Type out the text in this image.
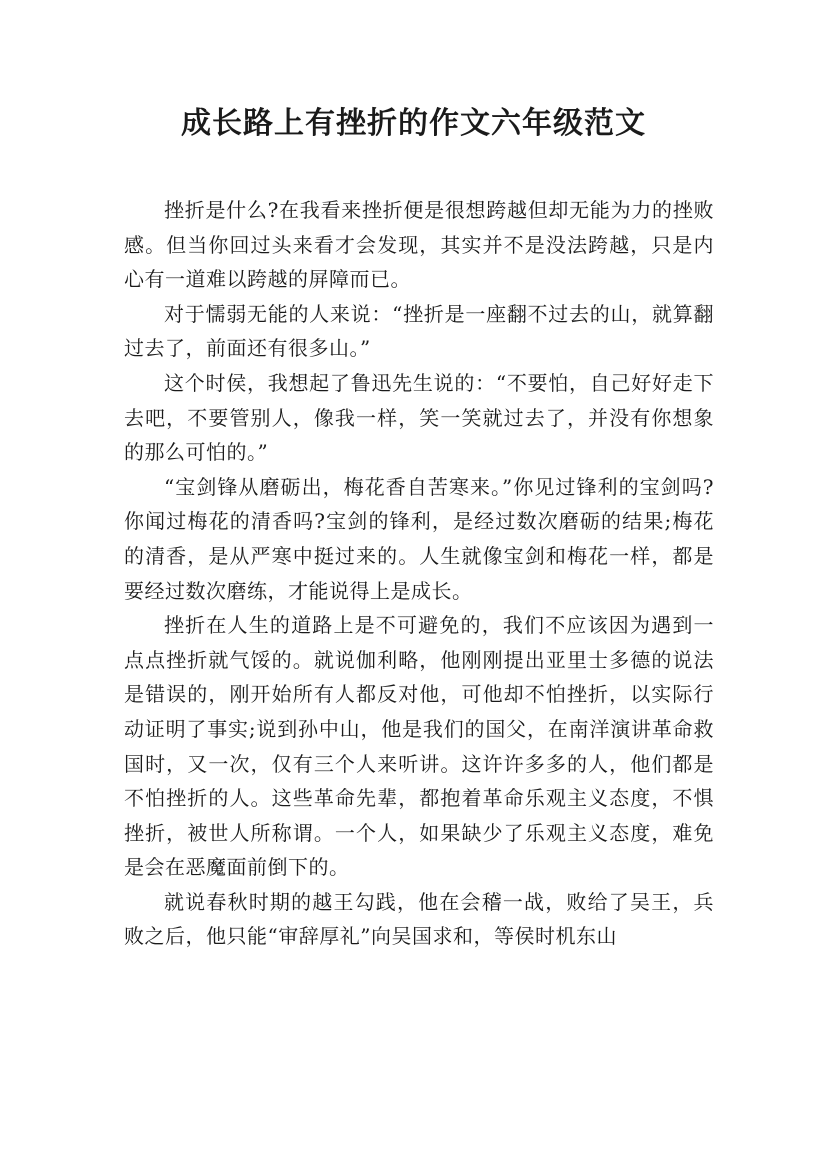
成长路上有挫折的作文六年级范文

挫折是什么?在我看来挫折便是很想跨越但却无能为力的挫败感。但当你回过头来看才会发现，其实并不是没法跨越，只是内心有一道难以跨越的屏障而已。

对于懦弱无能的人来说：“挫折是一座翻不过去的山，就算翻过去了，前面还有很多山。”

这个时侯，我想起了鲁迅先生说的：“不要怕，自己好好走下去吧，不要管别人，像我一样，笑一笑就过去了，并没有你想象的那么可怕的。”

“宝剑锋从磨砺出，梅花香自苦寒来。”你见过锋利的宝剑吗?你闻过梅花的清香吗?宝剑的锋利，是经过数次磨砺的结果;梅花的清香，是从严寒中挺过来的。人生就像宝剑和梅花一样，都是要经过数次磨练，才能说得上是成长。

挫折在人生的道路上是不可避免的，我们不应该因为遇到一点点挫折就气馁的。就说伽利略，他刚刚提出亚里士多德的说法是错误的，刚开始所有人都反对他，可他却不怕挫折，以实际行动证明了事实;说到孙中山，他是我们的国父，在南洋演讲革命救国时，又一次，仅有三个人来听讲。这许许多多的人，他们都是不怕挫折的人。这些革命先辈，都抱着革命乐观主义态度，不惧挫折，被世人所称谓。一个人，如果缺少了乐观主义态度，难免是会在恶魔面前倒下的。

就说春秋时期的越王勾践，他在会稽一战，败给了吴王，兵败之后，他只能“审辞厚礼”向吴国求和，等侯时机东山
